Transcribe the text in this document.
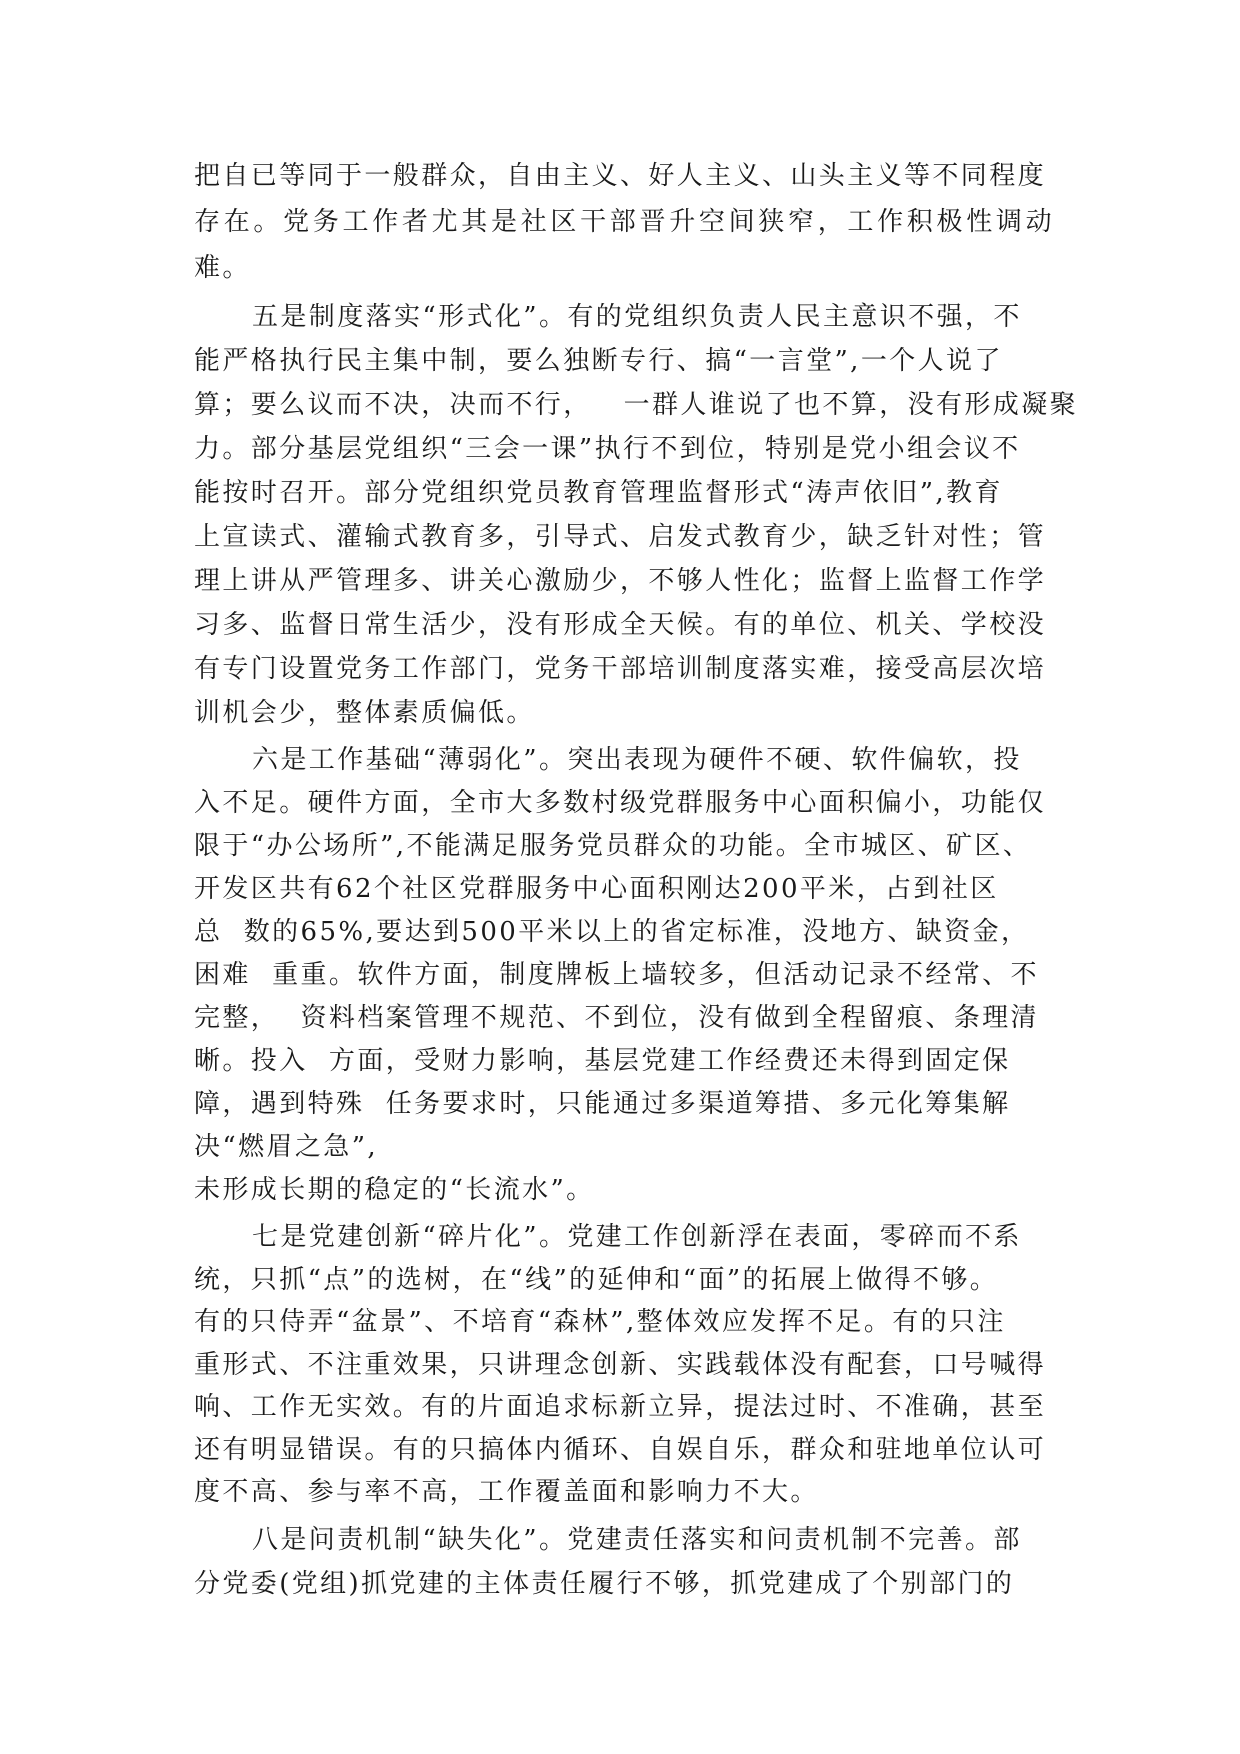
把自已等同于一般群众，自由主义、好人主义、山头主义等不同程度
存在。党务工作者尤其是社区干部晋升空间狭窄，工作积极性调动难。
五是制度落实“形式化”。有的党组织负责人民主意识不强，不
能严格执行民主集中制，要么独断专行、搞“一言堂”,一个人说了
算；要么议而不决，决而不行，   一群人谁说了也不算，没有形成凝聚
力。部分基层党组织“三会一课”执行不到位，特别是党小组会议不
能按时召开。部分党组织党员教育管理监督形式“涛声依旧”,教育
上宣读式、灌输式教育多，引导式、启发式教育少，缺乏针对性；管
理上讲从严管理多、讲关心激励少，不够人性化；监督上监督工作学
习多、监督日常生活少，没有形成全天候。有的单位、机关、学校没
有专门设置党务工作部门，党务干部培训制度落实难，接受高层次培
训机会少，整体素质偏低。
六是工作基础“薄弱化”。突出表现为硬件不硬、软件偏软，投
入不足。硬件方面，全市大多数村级党群服务中心面积偏小，功能仅
限于“办公场所”,不能满足服务党员群众的功能。全市城区、矿区、
开发区共有62个社区党群服务中心面积刚达200平米，占到社区
总  数的65%,要达到500平米以上的省定标准，没地方、缺资金，
困难  重重。软件方面，制度牌板上墙较多，但活动记录不经常、不
完整，  资料档案管理不规范、不到位，没有做到全程留痕、条理清
晰。投入  方面，受财力影响，基层党建工作经费还未得到固定保
障，遇到特殊  任务要求时，只能通过多渠道筹措、多元化筹集解
决“燃眉之急”,
未形成长期的稳定的“长流水”。
七是党建创新“碎片化”。党建工作创新浮在表面，零碎而不系
统，只抓“点”的选树，在“线”的延伸和“面”的拓展上做得不够。
有的只侍弄“盆景”、不培育“森林”,整体效应发挥不足。有的只注
重形式、不注重效果，只讲理念创新、实践载体没有配套，口号喊得
响、工作无实效。有的片面追求标新立异，提法过时、不准确，甚至
还有明显错误。有的只搞体内循环、自娱自乐，群众和驻地单位认可
度不高、参与率不高，工作覆盖面和影响力不大。
八是问责机制“缺失化”。党建责任落实和问责机制不完善。部
分党委(党组)抓党建的主体责任履行不够，抓党建成了个别部门的
